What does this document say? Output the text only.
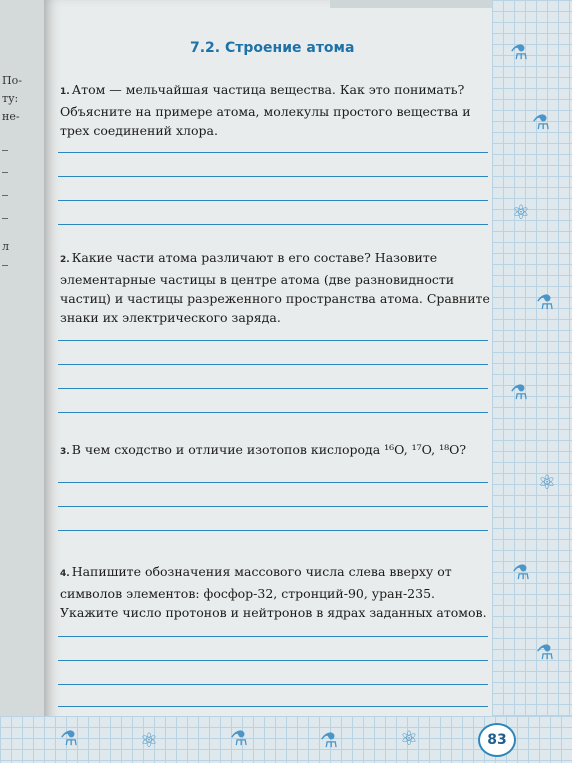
По-
ту:
не-
л
⚗
⚗
⚛
⚗
⚗
⚛
⚗
⚗
⚗	⚛	⚗	⚗	⚛
7.2. Строение атома
1. Атом — мельчайшая частица вещества. Как это понимать? Объясните на примере атома, молекулы простого вещества и трех соединений хлора.
2. Какие части атома различают в его составе? Назовите элементарные частицы в центре атома (две разновидности частиц) и частицы разреженного пространства атома. Сравните знаки их электрического заряда.
3. В чем сходство и отличие изотопов кислорода ¹⁶O, ¹⁷O, ¹⁸O?
4. Напишите обозначения массового числа слева вверху от символов элементов: фосфор-32, стронций-90, уран-235. Укажите число протонов и нейтронов в ядрах заданных атомов.
83
